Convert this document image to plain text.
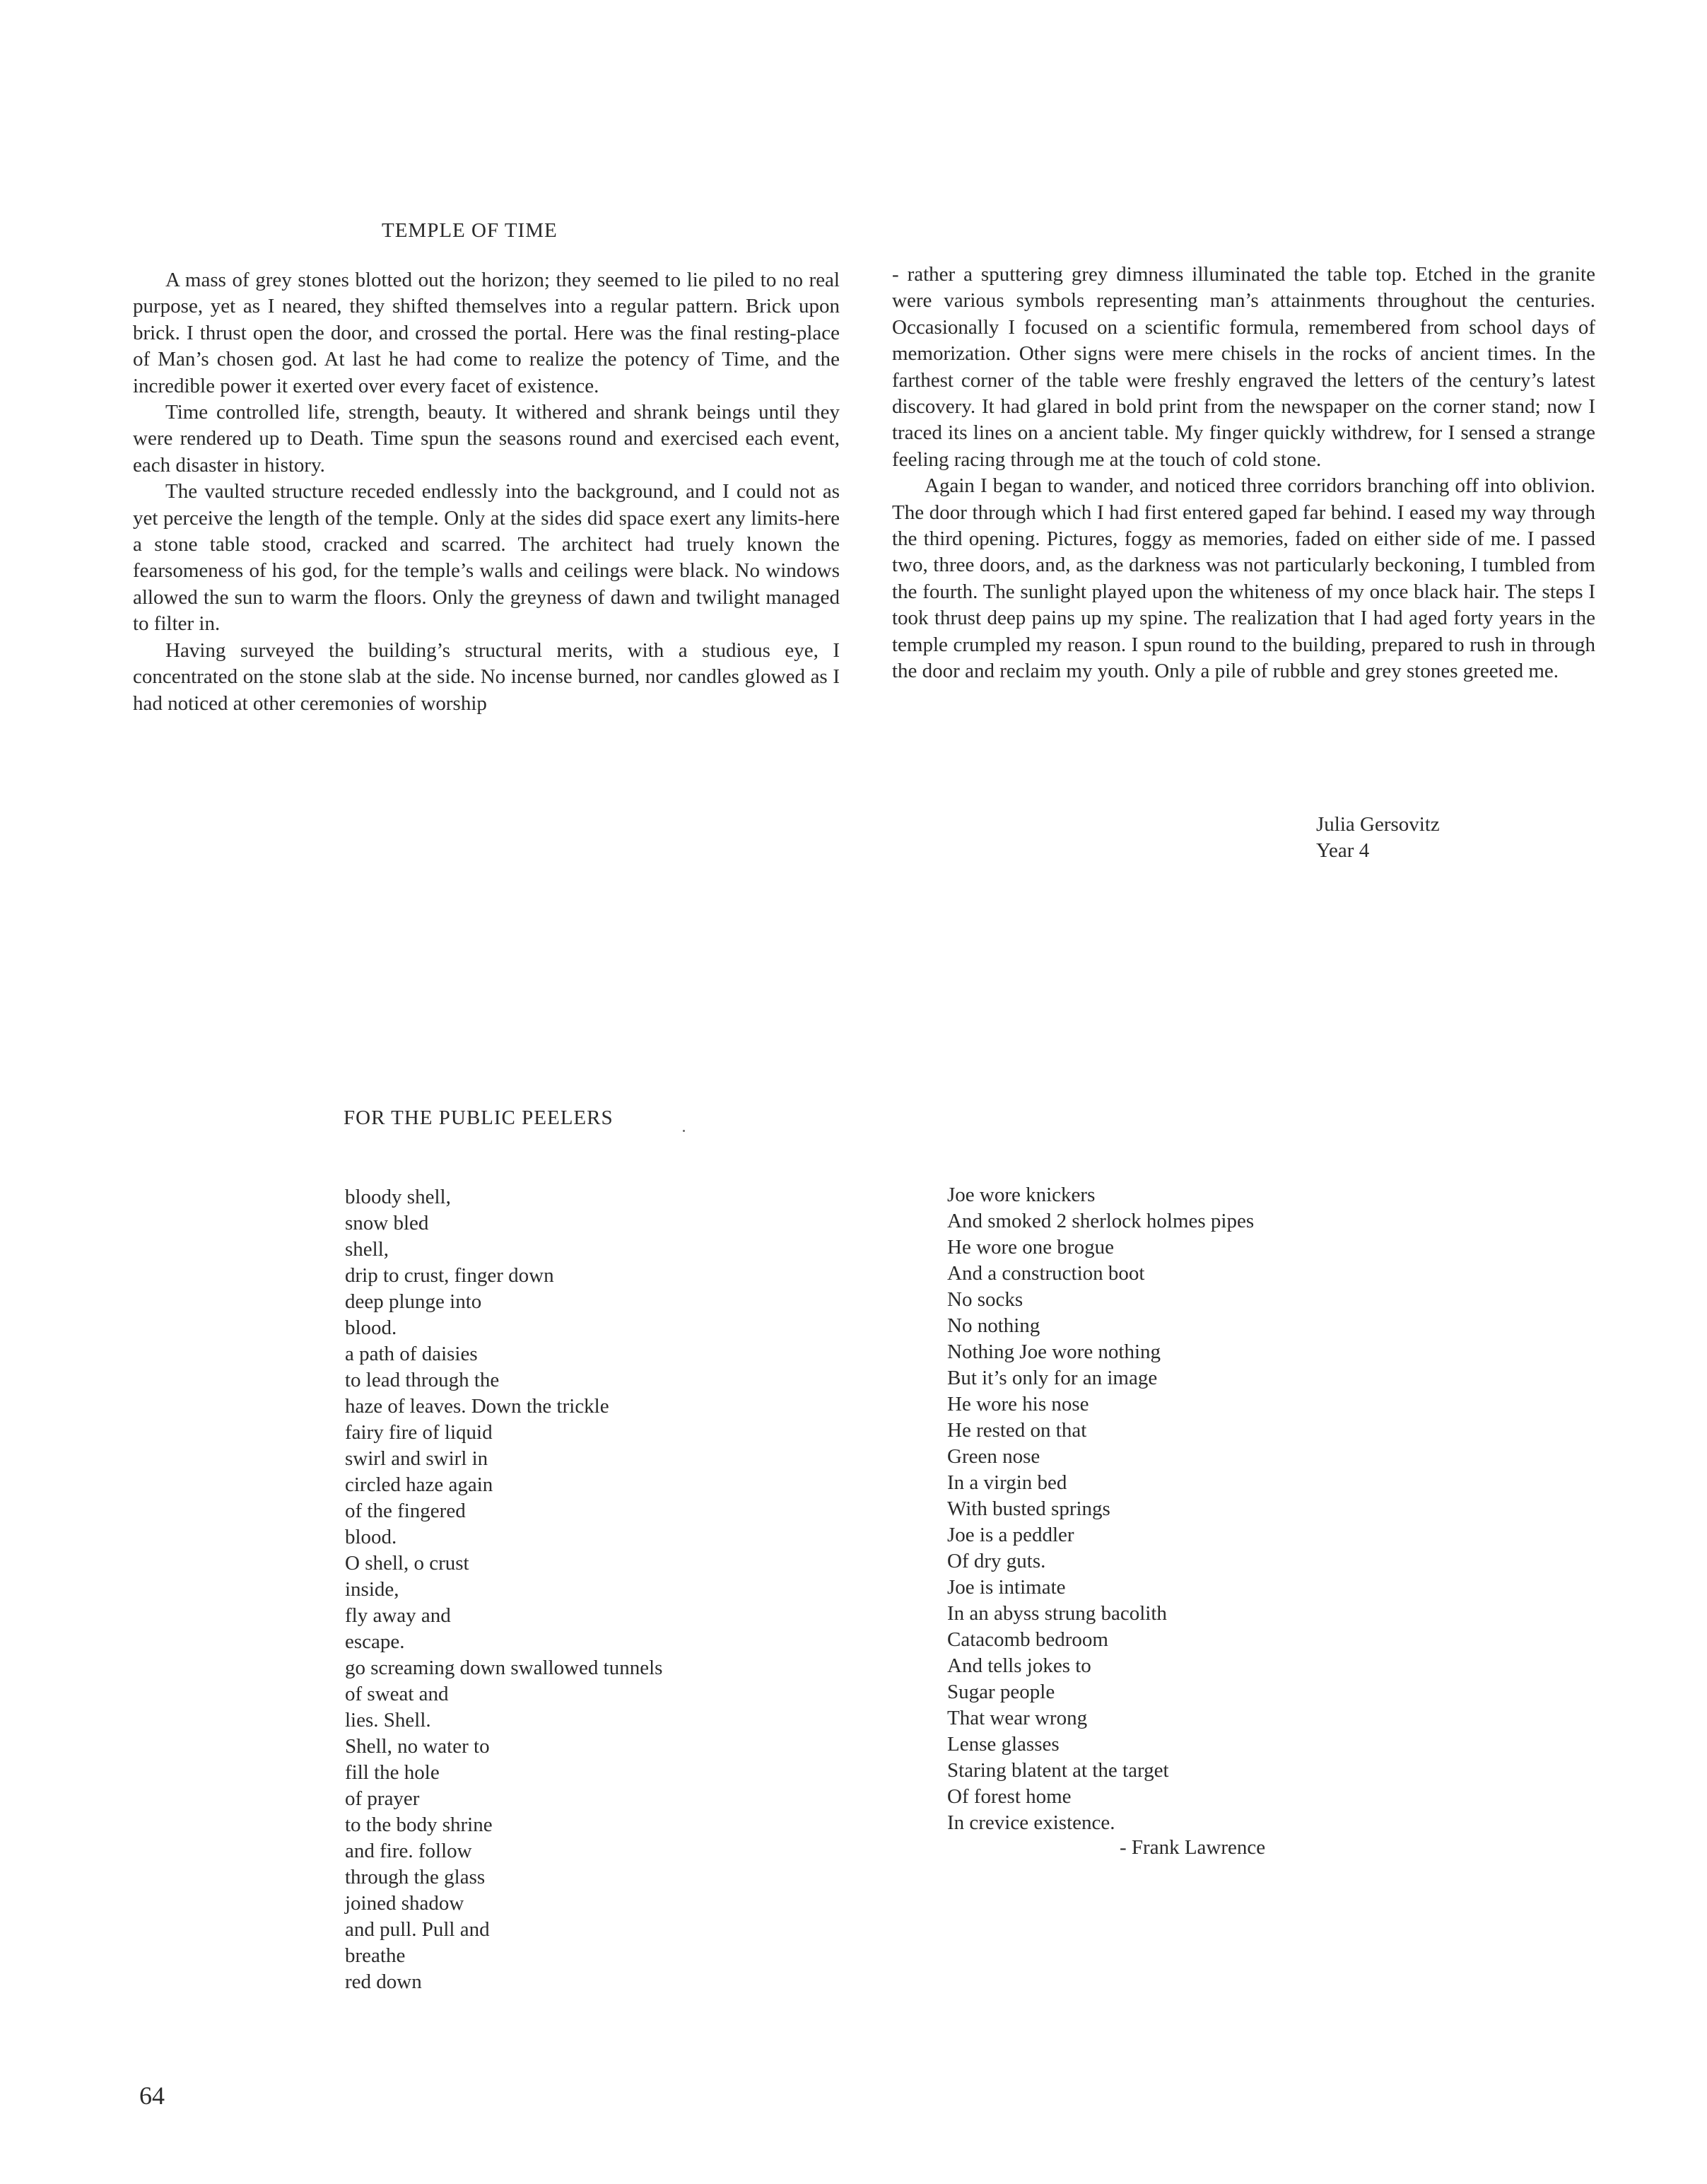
TEMPLE OF TIME

A mass of grey stones blotted out the horizon; they seemed to lie piled to no real purpose, yet as I neared, they shifted themselves into a regular pattern. Brick upon brick. I thrust open the door, and crossed the portal. Here was the final resting-place of Man’s chosen god. At last he had come to realize the potency of Time, and the incredible power it exerted over every facet of existence.

Time controlled life, strength, beauty. It withered and shrank beings until they were rendered up to Death. Time spun the seasons round and exercised each event, each disaster in history.

The vaulted structure receded endlessly into the background, and I could not as yet perceive the length of the temple. Only at the sides did space exert any limits-here a stone table stood, cracked and scarred. The architect had truely known the fearsomeness of his god, for the temple’s walls and ceilings were black. No windows allowed the sun to warm the floors. Only the greyness of dawn and twilight managed to filter in.

Having surveyed the building’s structural merits, with a studious eye, I concentrated on the stone slab at the side. No incense burned, nor candles glowed as I had noticed at other ceremonies of worship

- rather a sputtering grey dimness illuminated the table top. Etched in the granite were various symbols representing man’s attainments throughout the centuries. Occasionally I focused on a scientific formula, remembered from school days of memorization. Other signs were mere chisels in the rocks of ancient times. In the farthest corner of the table were freshly engraved the letters of the century’s latest discovery. It had glared in bold print from the newspaper on the corner stand; now I traced its lines on a ancient table. My finger quickly withdrew, for I sensed a strange feeling racing through me at the touch of cold stone.

Again I began to wander, and noticed three corridors branching off into oblivion. The door through which I had first entered gaped far behind. I eased my way through the third opening. Pictures, foggy as memories, faded on either side of me. I passed two, three doors, and, as the darkness was not particularly beckoning, I tumbled from the fourth. The sunlight played upon the whiteness of my once black hair. The steps I took thrust deep pains up my spine. The realization that I had aged forty years in the temple crumpled my reason. I spun round to the building, prepared to rush in through the door and reclaim my youth. Only a pile of rubble and grey stones greeted me.

Julia Gersovitz
Year 4
FOR THE PUBLIC PEELERS
bloody shell,
snow bled
shell,
drip to crust, finger down
deep plunge into
blood.
a path of daisies
to lead through the
haze of leaves. Down the trickle
fairy fire of liquid
swirl and swirl in
circled haze again
of the fingered
blood.
O shell, o crust
inside,
fly away and
escape.
go screaming down swallowed tunnels
of sweat and
lies. Shell.
Shell, no water to
fill the hole
of prayer
to the body shrine
and fire. follow
through the glass
joined shadow
and pull. Pull and
breathe
red down
Joe wore knickers
And smoked 2 sherlock holmes pipes
He wore one brogue
And a construction boot
No socks
No nothing
Nothing Joe wore nothing
But it’s only for an image
He wore his nose
He rested on that
Green nose
In a virgin bed
With busted springs
Joe is a peddler
Of dry guts.
Joe is intimate
In an abyss strung bacolith
Catacomb bedroom
And tells jokes to
Sugar people
That wear wrong
Lense glasses
Staring blatent at the target
Of forest home
In crevice existence.
- Frank Lawrence
64
